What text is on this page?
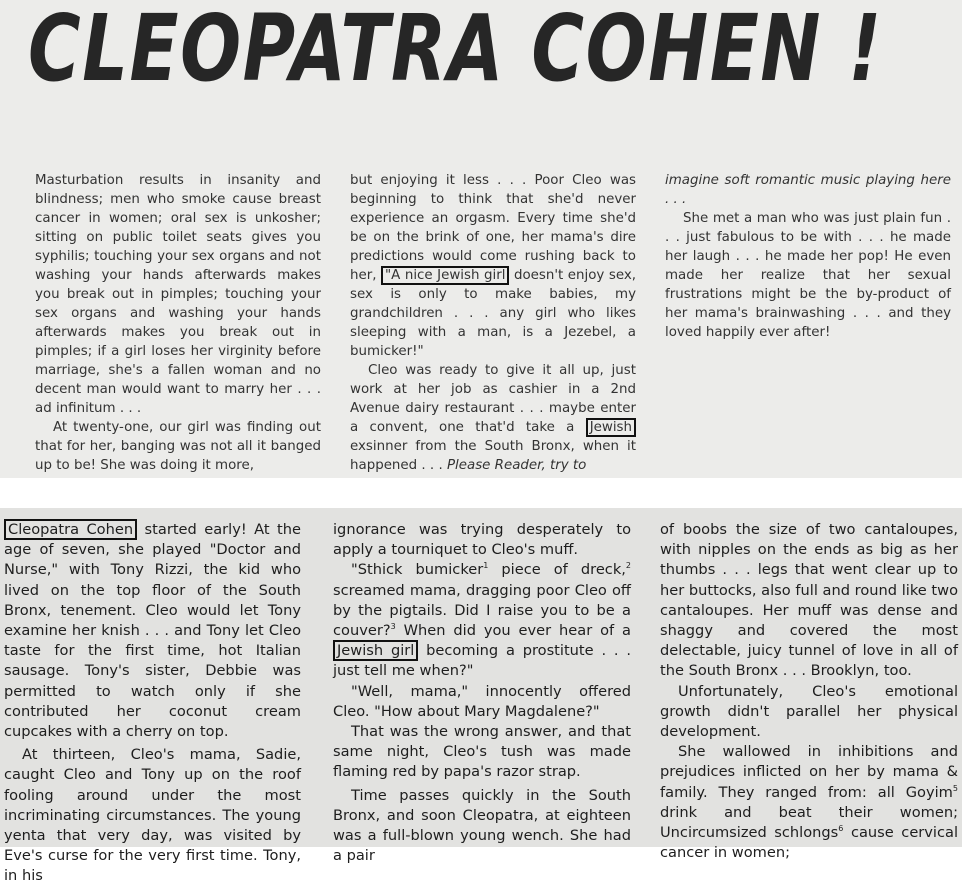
CLEOPATRA COHEN !

Masturbation results in insanity and blindness; men who smoke cause breast cancer in women; oral sex is unkosher; sitting on public toilet seats gives you syphilis; touching your sex organs and not washing your hands afterwards makes you break out in pimples; touching your sex organs and washing your hands afterwards makes you break out in pimples; if a girl loses her virginity before marriage, she's a fallen woman and no decent man would want to marry her . . . ad infinitum . . .

At twenty-one, our girl was finding out that for her, banging was not all it banged up to be! She was doing it more,

but enjoying it less . . . Poor Cleo was beginning to think that she'd never experience an orgasm. Every time she'd be on the brink of one, her mama's dire predictions would come rushing back to her, "A nice Jewish girl doesn't enjoy sex, sex is only to make babies, my grandchildren . . . any girl who likes sleeping with a man, is a Jezebel, a bumicker!"

Cleo was ready to give it all up, just work at her job as cashier in a 2nd Avenue dairy restaurant . . . maybe enter a convent, one that'd take a Jewish exsinner from the South Bronx, when it happened . . . Please Reader, try to

imagine soft romantic music playing here . . .

She met a man who was just plain fun . . . just fabulous to be with . . . he made her laugh . . . he made her pop! He even made her realize that her sexual frustrations might be the by-product of her mama's brainwashing . . . and they loved happily ever after!

Cleopatra Cohen started early! At the age of seven, she played "Doctor and Nurse," with Tony Rizzi, the kid who lived on the top floor of the South Bronx, tenement. Cleo would let Tony examine her knish . . . and Tony let Cleo taste for the first time, hot Italian sausage. Tony's sister, Debbie was permitted to watch only if she contributed her coconut cream cupcakes with a cherry on top.

At thirteen, Cleo's mama, Sadie, caught Cleo and Tony up on the roof fooling around under the most incriminating circumstances. The young yenta that very day, was visited by Eve's curse for the very first time. Tony, in his

ignorance was trying desperately to apply a tourniquet to Cleo's muff.

"Sthick bumicker$^1$ piece of dreck,$^2$ screamed mama, dragging poor Cleo off by the pigtails. Did I raise you to be a couver?$^3$ When did you ever hear of a Jewish girl becoming a prostitute . . . just tell me when?"

"Well, mama," innocently offered Cleo. "How about Mary Magdalene?"

That was the wrong answer, and that same night, Cleo's tush was made flaming red by papa's razor strap.

Time passes quickly in the South Bronx, and soon Cleopatra, at eighteen was a full-blown young wench. She had a pair

of boobs the size of two cantaloupes, with nipples on the ends as big as her thumbs . . . legs that went clear up to her buttocks, also full and round like two cantaloupes. Her muff was dense and shaggy and covered the most delectable, juicy tunnel of love in all of the South Bronx . . . Brooklyn, too.

Unfortunately, Cleo's emotional growth didn't parallel her physical development.

She wallowed in inhibitions and prejudices inflicted on her by mama & family. They ranged from: all Goyim$^5$ drink and beat their women; Uncircumsized schlongs$^6$ cause cervical cancer in women;
